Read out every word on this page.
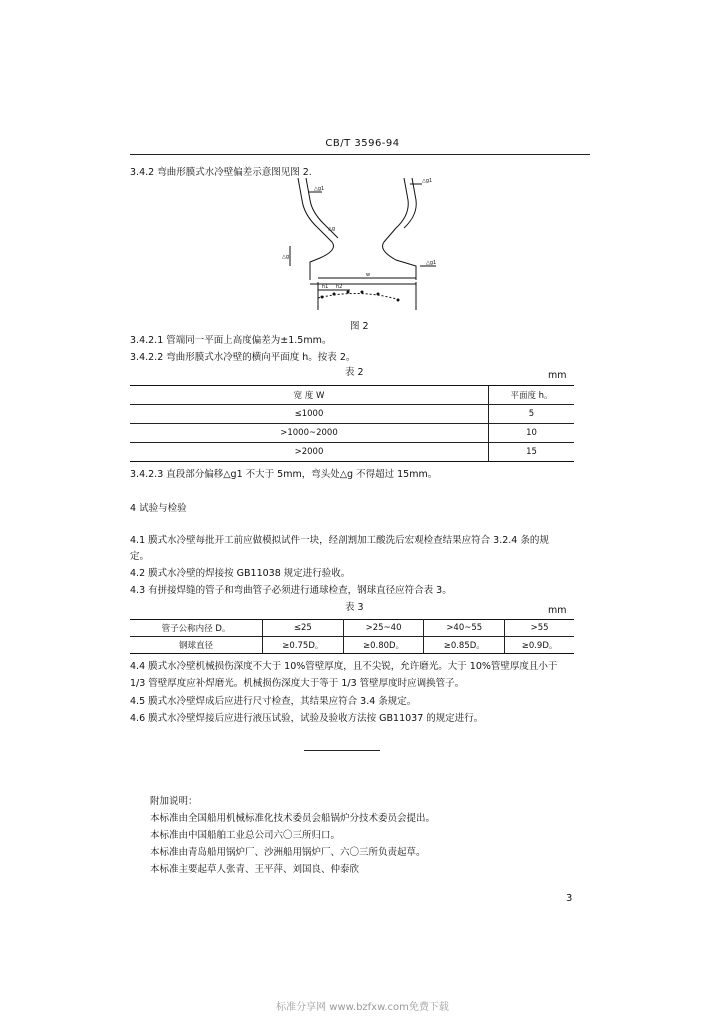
CB/T 3596-94
3.4.2 弯曲形膜式水冷壁偏差示意图见图 2.
△g1
△g
△g
△g1
△g1
w
h1 h2
图 2
3.4.2.1 管端同一平面上高度偏差为±1.5mm。
3.4.2.2 弯曲形膜式水冷壁的横向平面度 h。按表 2。
表 2	mm
宽 度 W	平面度 h。
≤1000	5
>1000~2000	10
>2000	15
3.4.2.3 直段部分偏移△g1 不大于 5mm，弯头处△g 不得超过 15mm。
4 试验与检验
4.1 膜式水冷壁每批开工前应做模拟试件一块，经剖割加工酸洗后宏观检查结果应符合 3.2.4 条的规
定。
4.2 膜式水冷壁的焊接按 GB11038 规定进行验收。
4.3 有拼接焊缝的管子和弯曲管子必须进行通球检查，钢球直径应符合表 3。
表 3	mm
管子公称内径 D。	≤25	>25~40	>40~55	>55
钢球直径	≥0.75D。	≥0.80D。	≥0.85D。	≥0.9D。
4.4 膜式水冷壁机械损伤深度不大于 10%管壁厚度，且不尖锐，允许磨光。大于 10%管壁厚度且小于
1/3 管壁厚度应补焊磨光。机械损伤深度大于等于 1/3 管壁厚度时应调换管子。
4.5 膜式水冷壁焊成后应进行尺寸检查，其结果应符合 3.4 条规定。
4.6 膜式水冷壁焊接后应进行液压试验，试验及验收方法按 GB11037 的规定进行。
附加说明：
本标准由全国船用机械标准化技术委员会船锅炉分技术委员会提出。
本标准由中国船舶工业总公司六〇三所归口。
本标准由青岛船用锅炉厂、沙洲船用锅炉厂、六〇三所负责起草。
本标准主要起草人张青、王平萍、刘国良、仲泰欣
3
标准分享网 www.bzfxw.com免费下载
